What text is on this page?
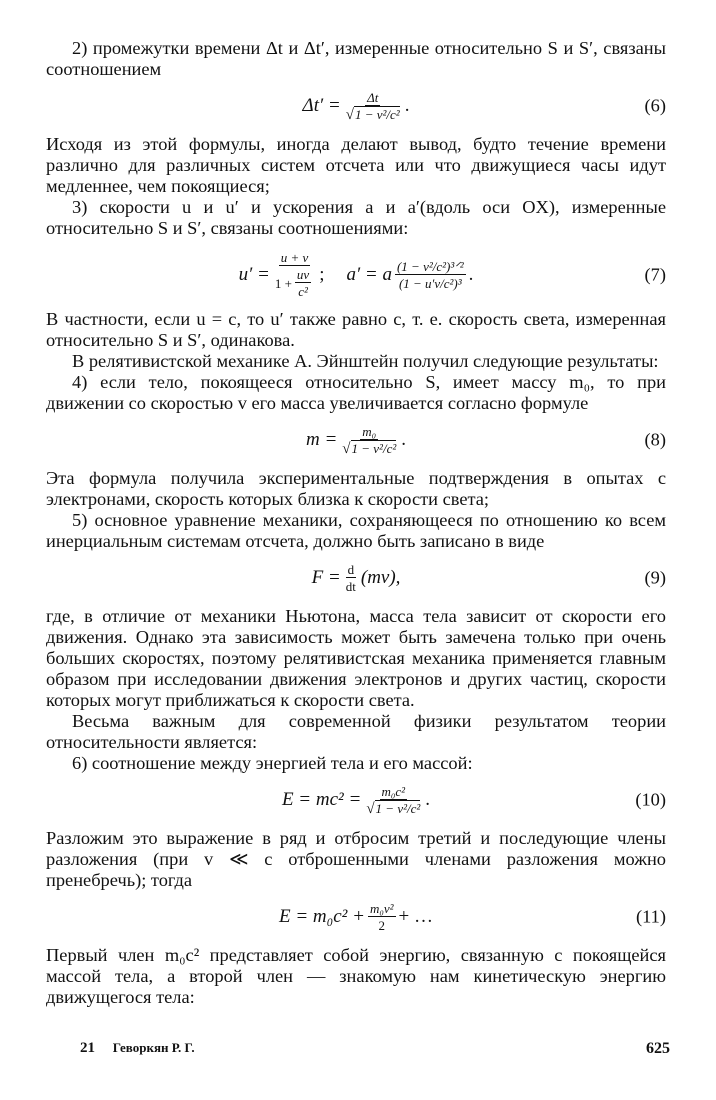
2) промежутки времени Δt и Δt′, измеренные относительно S и S′, связаны соотношением

$\Delta t' = \frac{\Delta t}{\text{√1 − v²/c²}}$ .	(6)

Исходя из этой формулы, иногда делают вывод, будто течение времени различно для различных систем отсчета или что движущиеся часы идут медленнее, чем покоящиеся;

3) скорости u и u′ и ускорения a и a′(вдоль оси OX), измеренные относительно S и S′, связаны соотношениями:

$u' = \frac{u + v}{1 + \frac{uv}{\text{c²}}}$ ; a′ = a $\frac{\text{(1 − v²/c²)³ᐟ²}}{\text{(1 − u′v/c²)³}}$ .	(7)

В частности, если u = c, то u′ также равно c, т. е. скорость света, измеренная относительно S и S′, одинакова.

В релятивистской механике А. Эйнштейн получил следующие результаты:

4) если тело, покоящееся относительно S, имеет массу m₀, то при движении со скоростью v его масса увеличивается согласно формуле

$m = \frac{\text{m₀}}{\text{√1 − v²/c²}}$ .	(8)

Эта формула получила экспериментальные подтверждения в опытах с электронами, скорость которых близка к скорости света;

5) основное уравнение механики, сохраняющееся по отношению ко всем инерциальным системам отсчета, должно быть записано в виде

$F = \frac{d}{dt} (mv)$,	(9)

где, в отличие от механики Ньютона, масса тела зависит от скорости его движения. Однако эта зависимость может быть замечена только при очень больших скоростях, поэтому релятивистская механика применяется главным образом при исследовании движения электронов и других частиц, скорости которых могут приближаться к скорости света.

Весьма важным для современной физики результатом теории относительности является:

6) соотношение между энергией тела и его массой:

$E = mc^2 = \frac{\text{m₀c²}}{\text{√1 − v²/c²}}$ .	(10)

Разложим это выражение в ряд и отбросим третий и последующие члены разложения (при v ≪ c отброшенными членами разложения можно пренебречь); тогда

$E = m_0c^2 + \frac{\text{m₀v²}}{2}$ + …	(11)

Первый член m₀c² представляет собой энергию, связанную с покоящейся массой тела, а второй член — знакомую нам кинетическую энергию движущегося тела:

21 Геворкян Р. Г.	625
